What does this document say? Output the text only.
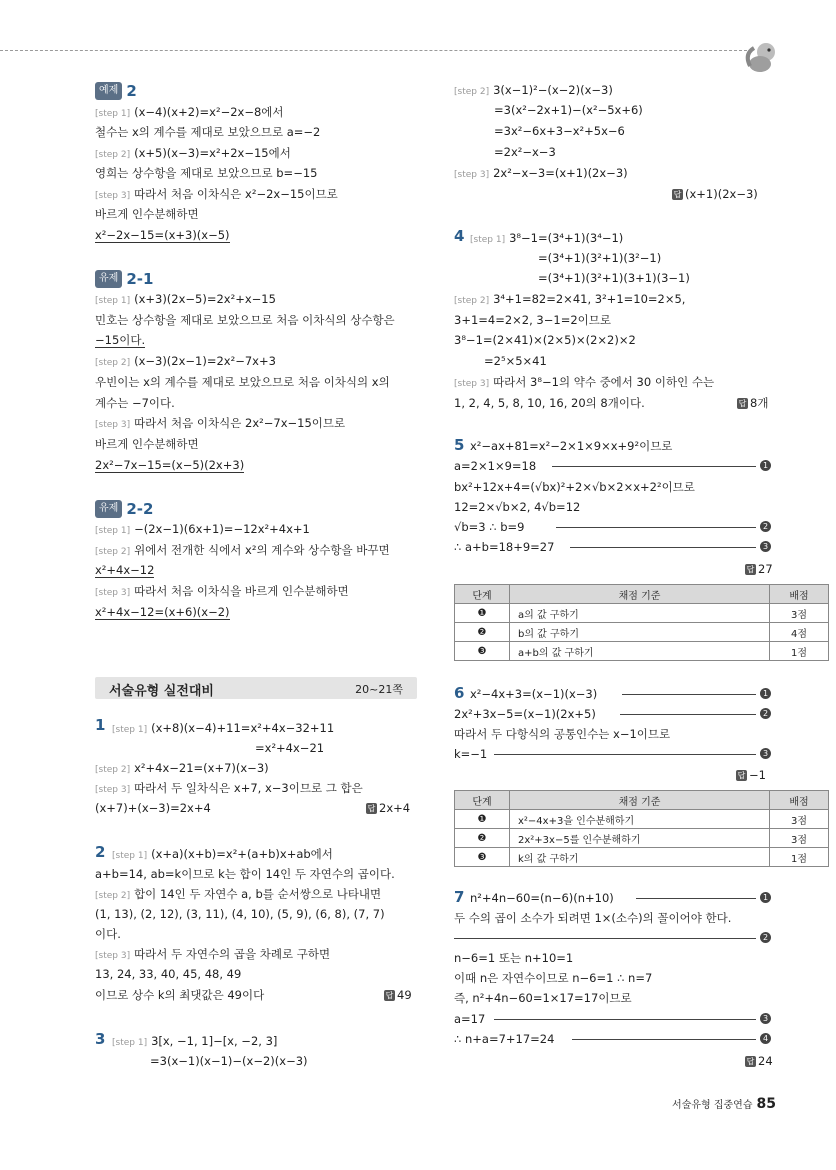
예제 2
[step 1] (x−4)(x+2)=x²−2x−8에서
철수는 x의 계수를 제대로 보았으므로 a=−2
[step 2] (x+5)(x−3)=x²+2x−15에서
영희는 상수항을 제대로 보았으므로 b=−15
[step 3] 따라서 처음 이차식은 x²−2x−15이므로
바르게 인수분해하면
x²−2x−15=(x+3)(x−5)
유제 2-1
[step 1] (x+3)(2x−5)=2x²+x−15
민호는 상수항을 제대로 보았으므로 처음 이차식의 상수항은
−15이다.
[step 2] (x−3)(2x−1)=2x²−7x+3
우빈이는 x의 계수를 제대로 보았으므로 처음 이차식의 x의
계수는 −7이다.
[step 3] 따라서 처음 이차식은 2x²−7x−15이므로
바르게 인수분해하면
2x²−7x−15=(x−5)(2x+3)
유제 2-2
[step 1] −(2x−1)(6x+1)=−12x²+4x+1
[step 2] 위에서 전개한 식에서 x²의 계수와 상수항을 바꾸면
x²+4x−12
[step 3] 따라서 처음 이차식을 바르게 인수분해하면
x²+4x−12=(x+6)(x−2)
서술유형 실전대비	20~21쪽
1 [step 1] (x+8)(x−4)+11=x²+4x−32+11
=x²+4x−21
[step 2] x²+4x−21=(x+7)(x−3)
[step 3] 따라서 두 일차식은 x+7, x−3이므로 그 합은
(x+7)+(x−3)=2x+4	답 2x+4
2 [step 1] (x+a)(x+b)=x²+(a+b)x+ab에서
a+b=14, ab=k이므로 k는 합이 14인 두 자연수의 곱이다.
[step 2] 합이 14인 두 자연수 a, b를 순서쌍으로 나타내면
(1, 13), (2, 12), (3, 11), (4, 10), (5, 9), (6, 8), (7, 7)
이다.
[step 3] 따라서 두 자연수의 곱을 차례로 구하면
13, 24, 33, 40, 45, 48, 49
이므로 상수 k의 최댓값은 49이다	답 49
3 [step 1] 3[x, −1, 1]−[x, −2, 3]
=3(x−1)(x−1)−(x−2)(x−3)
[step 2] 3(x−1)²−(x−2)(x−3)
=3(x²−2x+1)−(x²−5x+6)
=3x²−6x+3−x²+5x−6
=2x²−x−3
[step 3] 2x²−x−3=(x+1)(2x−3)
답 (x+1)(2x−3)
4 [step 1] 3⁸−1=(3⁴+1)(3⁴−1)
=(3⁴+1)(3²+1)(3²−1)
=(3⁴+1)(3²+1)(3+1)(3−1)
[step 2] 3⁴+1=82=2×41, 3²+1=10=2×5,
3+1=4=2×2, 3−1=2이므로
3⁸−1=(2×41)×(2×5)×(2×2)×2
=2⁵×5×41
[step 3] 따라서 3⁸−1의 약수 중에서 30 이하인 수는
1, 2, 4, 5, 8, 10, 16, 20의 8개이다.	답 8개
5 x²−ax+81=x²−2×1×9×x+9²이므로
a=2×1×9=18	1
bx²+12x+4=(√bx)²+2×√b×2×x+2²이므로
12=2×√b×2, 4√b=12
√b=3 ∴ b=9	2
∴ a+b=18+9=27	3
답 27
단계	채점 기준	배점
❶	a의 값 구하기	3점
❷	b의 값 구하기	4점
❸	a+b의 값 구하기	1점
6 x²−4x+3=(x−1)(x−3)	1
2x²+3x−5=(x−1)(2x+5)	2
따라서 두 다항식의 공통인수는 x−1이므로
k=−1	3
답 −1
단계	채점 기준	배점
❶	x²−4x+3을 인수분해하기	3점
❷	2x²+3x−5를 인수분해하기	3점
❸	k의 값 구하기	1점
7 n²+4n−60=(n−6)(n+10)	1
두 수의 곱이 소수가 되려면 1×(소수)의 꼴이어야 한다.
2
n−6=1 또는 n+10=1
이때 n은 자연수이므로 n−6=1 ∴ n=7
즉, n²+4n−60=1×17=17이므로
a=17	3
∴ n+a=7+17=24	4
답 24
서술유형 집중연습 85
